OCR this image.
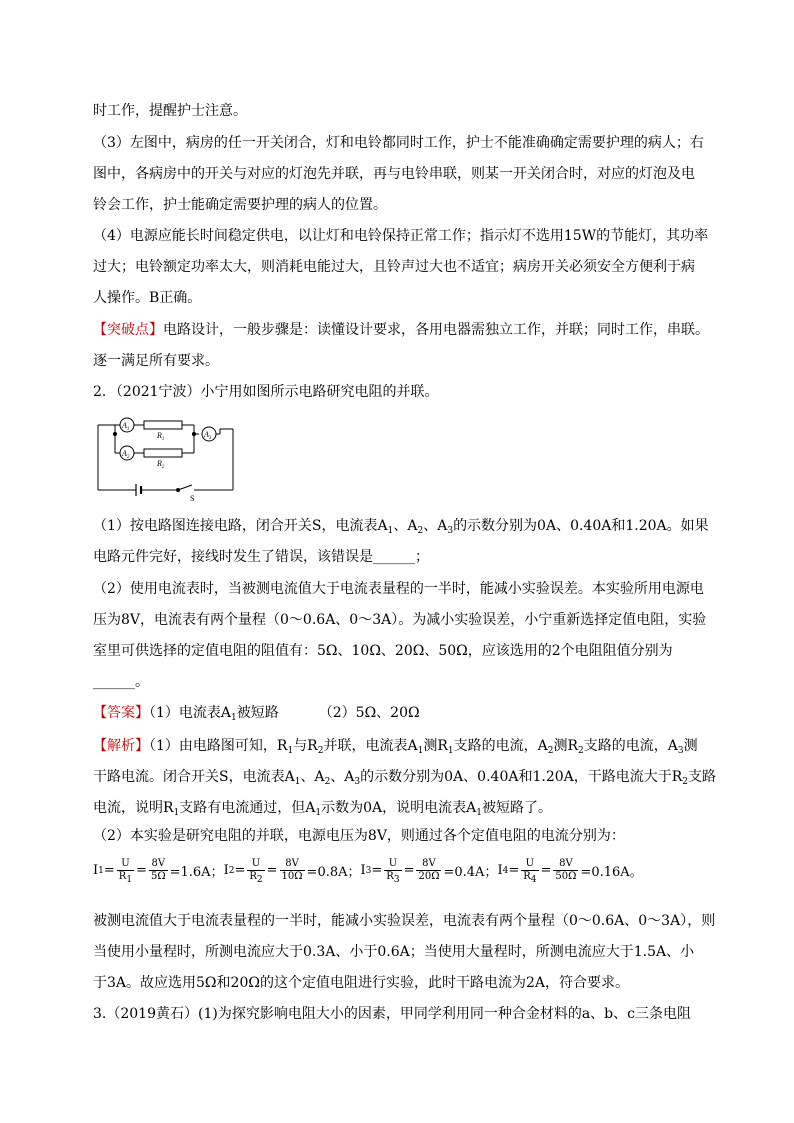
时工作，提醒护士注意。
（3）左图中，病房的任一开关闭合，灯和电铃都同时工作，护士不能准确确定需要护理的病人；右
图中，各病房中的开关与对应的灯泡先并联，再与电铃串联，则某一开关闭合时，对应的灯泡及电
铃会工作，护士能确定需要护理的病人的位置。
（4）电源应能长时间稳定供电，以让灯和电铃保持正常工作；指示灯不选用15W的节能灯，其功率
过大；电铃额定功率太大，则消耗电能过大，且铃声过大也不适宜；病房开关必须安全方便利于病
人操作。B正确。
【突破点】电路设计，一般步骤是：读懂设计要求，各用电器需独立工作，并联；同时工作，串联。
逐一满足所有要求。
2．（2021宁波）小宁用如图所示电路研究电阻的并联。
$A_1$
$A_2$
$A_3$
$R_1$
$R_2$
S
（1）按电路图连接电路，闭合开关S，电流表$A_1$、$A_2$、$A_3$的示数分别为0A、0.40A和1.20A。如果
电路元件完好，接线时发生了错误，该错误是______；
（2）使用电流表时，当被测电流值大于电流表量程的一半时，能减小实验误差。本实验所用电源电
压为8V，电流表有两个量程（0～0.6A、0～3A）。为减小实验误差，小宁重新选择定值电阻，实验
室里可供选择的定值电阻的阻值有：5Ω、10Ω、20Ω、50Ω，应该选用的2个电阻阻值分别为
______。
【答案】（1）电流表$A_1$被短路	（2）5Ω、20Ω
【解析】（1）由电路图可知，$R_1$与$R_2$并联，电流表$A_1$测$R_1$支路的电流，$A_2$测$R_2$支路的电流，$A_3$测
干路电流。闭合开关S，电流表$A_1$、$A_2$、$A_3$的示数分别为0A、0.40A和1.20A，干路电流大于$R_2$支路
电流，说明$R_1$支路有电流通过，但$A_1$示数为0A，说明电流表$A_1$被短路了。
（2）本实验是研究电阻的并联，电源电压为8V，则通过各个定值电阻的电流分别为：
I $1 = \frac{U}{R_1} = \frac{8V}{5\Omega} =1.6A$； I $2 = \frac{U}{R_2} = \frac{8V}{10\Omega} =0.8A$； I $3 = \frac{U}{R_3} = \frac{8V}{20\Omega} =0.4A$； I $4 = \frac{U}{R_4} = \frac{8V}{50\Omega} =0.16A$。
被测电流值大于电流表量程的一半时，能减小实验误差，电流表有两个量程（0～0.6A、0～3A），则
当使用小量程时，所测电流应大于0.3A、小于0.6A；当使用大量程时，所测电流应大于1.5A、小
于3A。故应选用5Ω和20Ω的这个定值电阻进行实验，此时干路电流为2A，符合要求。
3.（2019黄石）(1)为探究影响电阻大小的因素，甲同学利用同一种合金材料的a、b、c三条电阻
